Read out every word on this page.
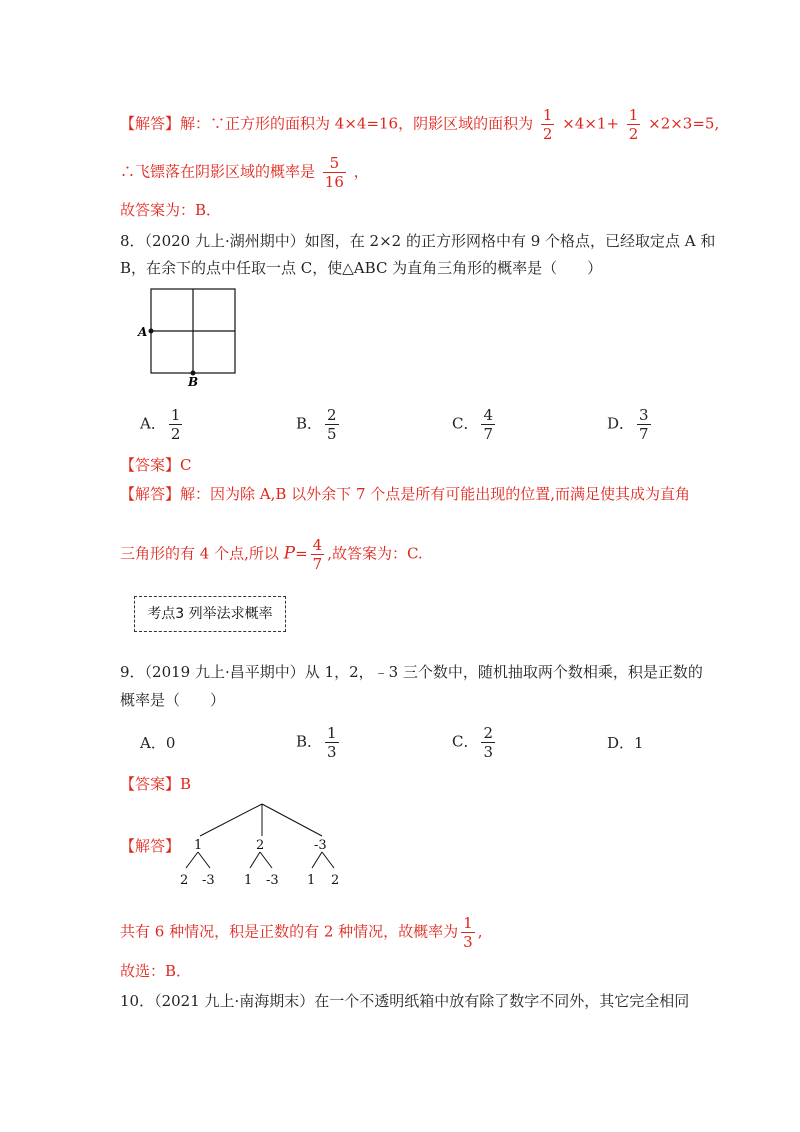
【解答】解：∵正方形的面积为 4×4=16，阴影区域的面积为 $\frac{1}{2} \times 4\times 1+ \frac{1}{2} \times 2\times 3=5$,
∴飞镖落在阴影区域的概率是 $\frac{5}{16}$ ，
故答案为：B．
8．（2020 九上·湖州期中）如图，在 2×2 的正方形网格中有 9 个格点，已经取定点 A 和
B，在余下的点中任取一点 C，使△ABC 为直角三角形的概率是（　　）
A
B
A． $\frac{1}{2}$	B． $\frac{2}{5}$	C． $\frac{4}{7}$	D． $\frac{3}{7}$
【答案】C
【解答】解：因为除 A,B 以外余下 7 个点是所有可能出现的位置,而满足使其成为直角
三角形的有 4 个点,所以 $P= \frac{4}{7}$ ,故答案为：C.
考点3 列举法求概率
9．（2019 九上·昌平期中）从 1，2，﹣3 三个数中，随机抽取两个数相乘，积是正数的
概率是（　　）
A．0	B． $\frac{1}{3}$	C． $\frac{2}{3}$	D．1
【答案】B
【解答】 1	2	-3
2 -3 1 -3 1 2
共有 6 种情况，积是正数的有 2 种情况，故概率为 $\frac{1}{3}$ ,
故选：B．
10．（2021 九上·南海期末）在一个不透明纸箱中放有除了数字不同外，其它完全相同
